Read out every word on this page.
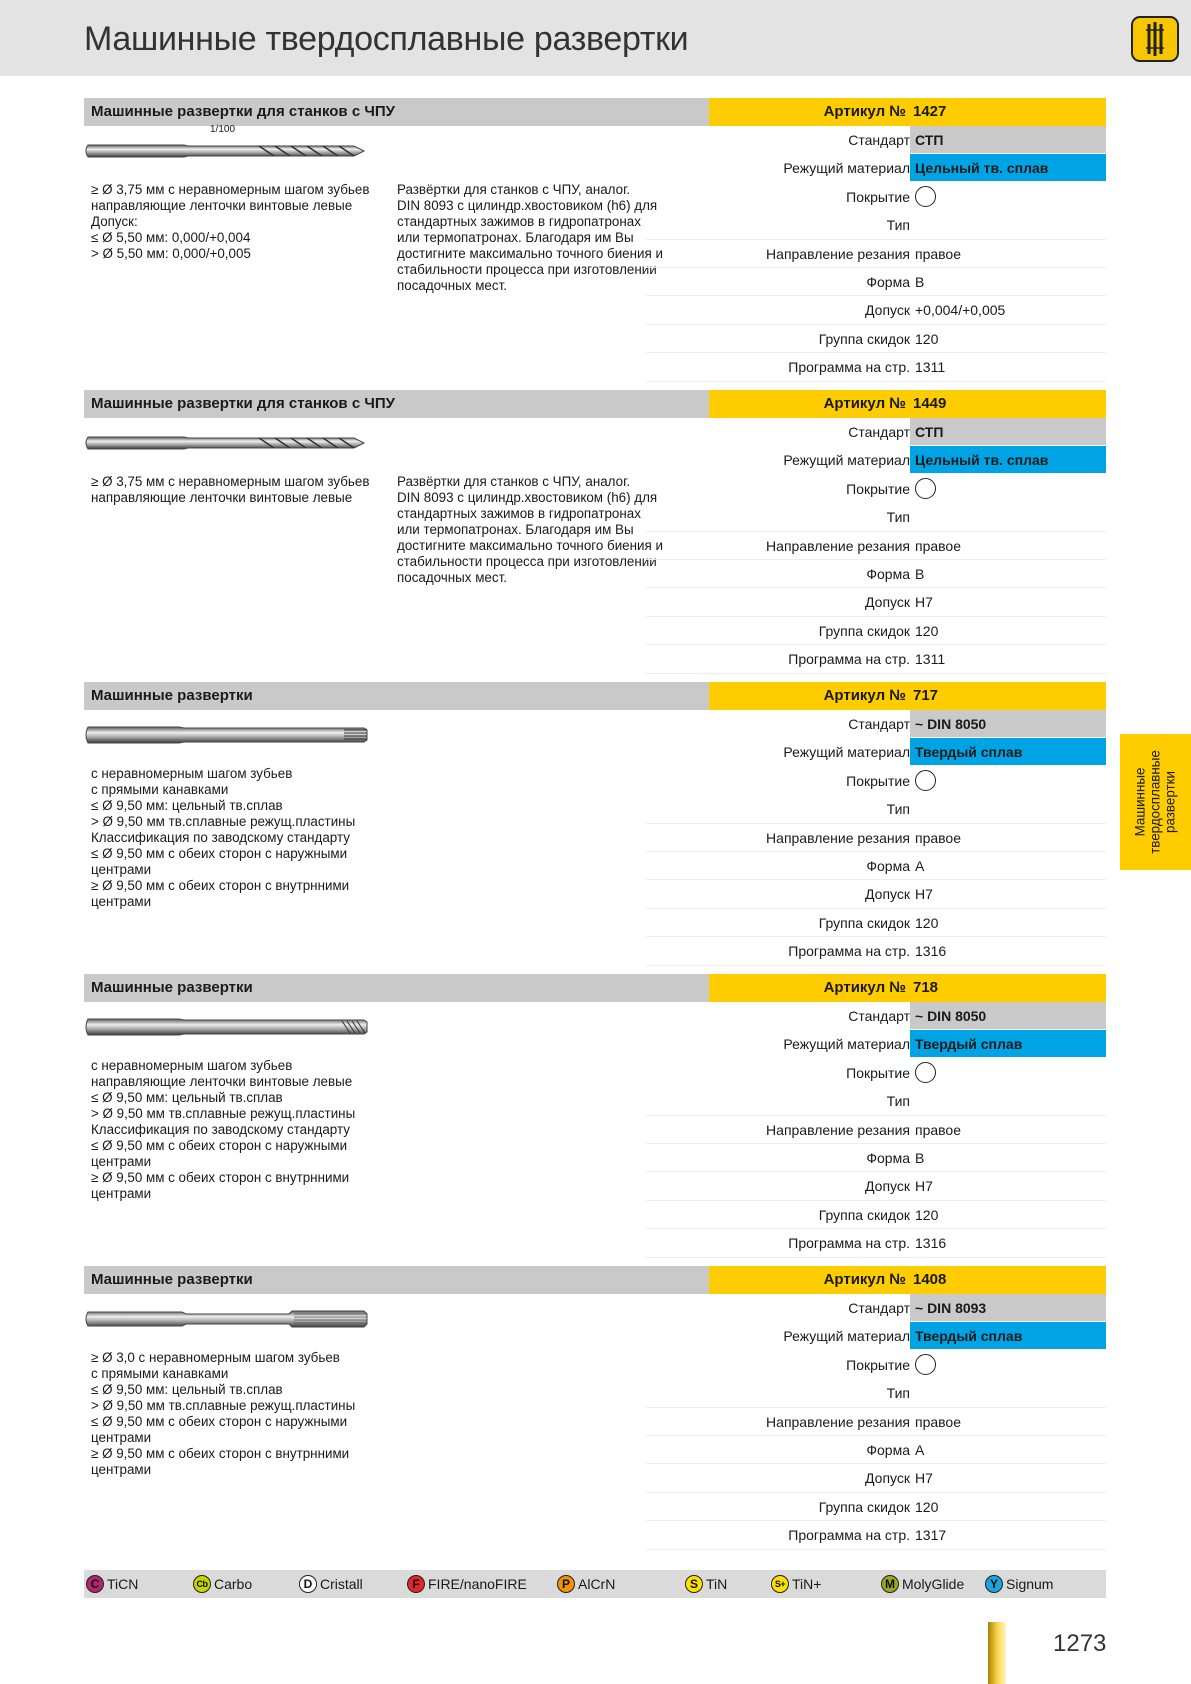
Машинные твердосплавные развертки
Машинные развертки для станков с ЧПУ	Артикул № 1427
1/100
≥ Ø 3,75 мм с неравномерным шагом зубьев
направляющие ленточки винтовые левые
Допуск:
≤ Ø 5,50 мм: 0,000/+0,004
> Ø 5,50 мм: 0,000/+0,005
Развёртки для станков с ЧПУ, аналог.
DIN 8093 с цилиндр.хвостовиком (h6) для
стандартных зажимов в гидропатронах
или термопатронах. Благодаря им Вы
достигните максимально точного биения и
стабильности процесса при изготовлении
посадочных мест.
Стандарт СТП
Режущий материал Цельный тв. сплав
Покрытие
Тип
Направление резания правое
Форма B
Допуск +0,004/+0,005
Группа скидок 120
Программа на стр. 1311
Машинные развертки для станков с ЧПУ	Артикул № 1449
≥ Ø 3,75 мм с неравномерным шагом зубьев
направляющие ленточки винтовые левые
Развёртки для станков с ЧПУ, аналог.
DIN 8093 с цилиндр.хвостовиком (h6) для
стандартных зажимов в гидропатронах
или термопатронах. Благодаря им Вы
достигните максимально точного биения и
стабильности процесса при изготовлении
посадочных мест.
Стандарт СТП
Режущий материал Цельный тв. сплав
Покрытие
Тип
Направление резания правое
Форма B
Допуск H7
Группа скидок 120
Программа на стр. 1311
Машинные развертки	Артикул № 717
с неравномерным шагом зубьев
с прямыми канавками
≤ Ø 9,50 мм: цельный тв.сплав
> Ø 9,50 мм тв.сплавные режущ.пластины
Классификация по заводскому стандарту
≤ Ø 9,50 мм с обеих сторон с наружными
центрами
≥ Ø 9,50 мм с обеих сторон с внутрнними
центрами
Стандарт ~ DIN 8050
Режущий материал Твердый сплав
Покрытие
Тип
Направление резания правое
Форма A
Допуск H7
Группа скидок 120
Программа на стр. 1316
Машинные развертки	Артикул № 718
с неравномерным шагом зубьев
направляющие ленточки винтовые левые
≤ Ø 9,50 мм: цельный тв.сплав
> Ø 9,50 мм тв.сплавные режущ.пластины
Классификация по заводскому стандарту
≤ Ø 9,50 мм с обеих сторон с наружными
центрами
≥ Ø 9,50 мм с обеих сторон с внутрнними
центрами
Стандарт ~ DIN 8050
Режущий материал Твердый сплав
Покрытие
Тип
Направление резания правое
Форма B
Допуск H7
Группа скидок 120
Программа на стр. 1316
Машинные развертки	Артикул № 1408
≥ Ø 3,0 с неравномерным шагом зубьев
с прямыми канавками
≤ Ø 9,50 мм: цельный тв.сплав
> Ø 9,50 мм тв.сплавные режущ.пластины
≤ Ø 9,50 мм с обеих сторон с наружными
центрами
≥ Ø 9,50 мм с обеих сторон с внутрнними
центрами
Стандарт ~ DIN 8093
Режущий материал Твердый сплав
Покрытие
Тип
Направление резания правое
Форма A
Допуск H7
Группа скидок 120
Программа на стр. 1317
Машинные твердосплавные развертки
C TiCN	Cb Carbo	D Cristall	F FIRE/nanoFIRE	P AlCrN	S TiN	S+ TiN+	M MolyGlide	Y Signum
1273
